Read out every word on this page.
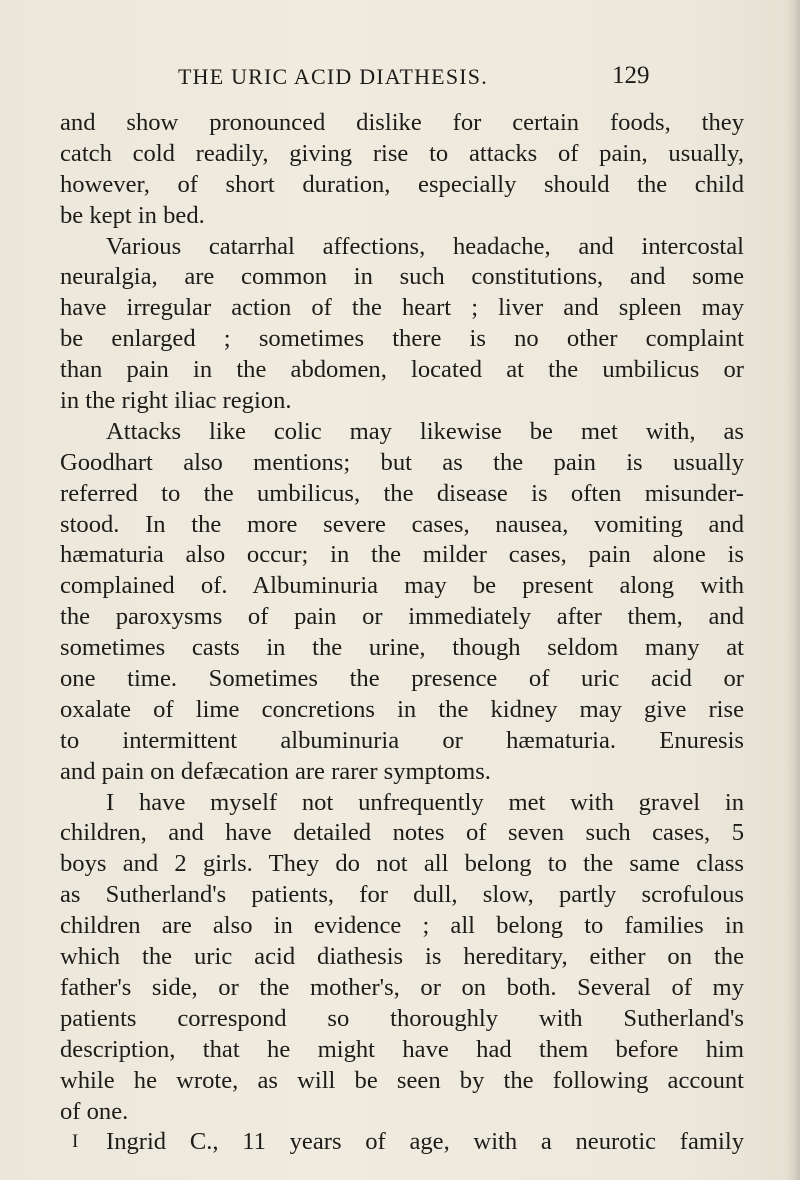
THE URIC ACID DIATHESIS.	129
and show pronounced dislike for certain foods, they
catch cold readily, giving rise to attacks of pain, usually,
however, of short duration, especially should the child
be kept in bed.
Various catarrhal affections, headache, and intercostal
neuralgia, are common in such constitutions, and some
have irregular action of the heart ; liver and spleen may
be enlarged ; sometimes there is no other complaint
than pain in the abdomen, located at the umbilicus or
in the right iliac region.
Attacks like colic may likewise be met with, as
Goodhart also mentions; but as the pain is usually
referred to the umbilicus, the disease is often misunder-
stood. In the more severe cases, nausea, vomiting and
hæmaturia also occur; in the milder cases, pain alone is
complained of. Albuminuria may be present along with
the paroxysms of pain or immediately after them, and
sometimes casts in the urine, though seldom many at
one time. Sometimes the presence of uric acid or
oxalate of lime concretions in the kidney may give rise
to intermittent albuminuria or hæmaturia. Enuresis
and pain on defæcation are rarer symptoms.
I have myself not unfrequently met with gravel in
children, and have detailed notes of seven such cases, 5
boys and 2 girls. They do not all belong to the same class
as Sutherland's patients, for dull, slow, partly scrofulous
children are also in evidence ; all belong to families in
which the uric acid diathesis is hereditary, either on the
father's side, or the mother's, or on both. Several of my
patients correspond so thoroughly with Sutherland's
description, that he might have had them before him
while he wrote, as will be seen by the following account
of one.
Ingrid C., 11 years of age, with a neurotic family
I
